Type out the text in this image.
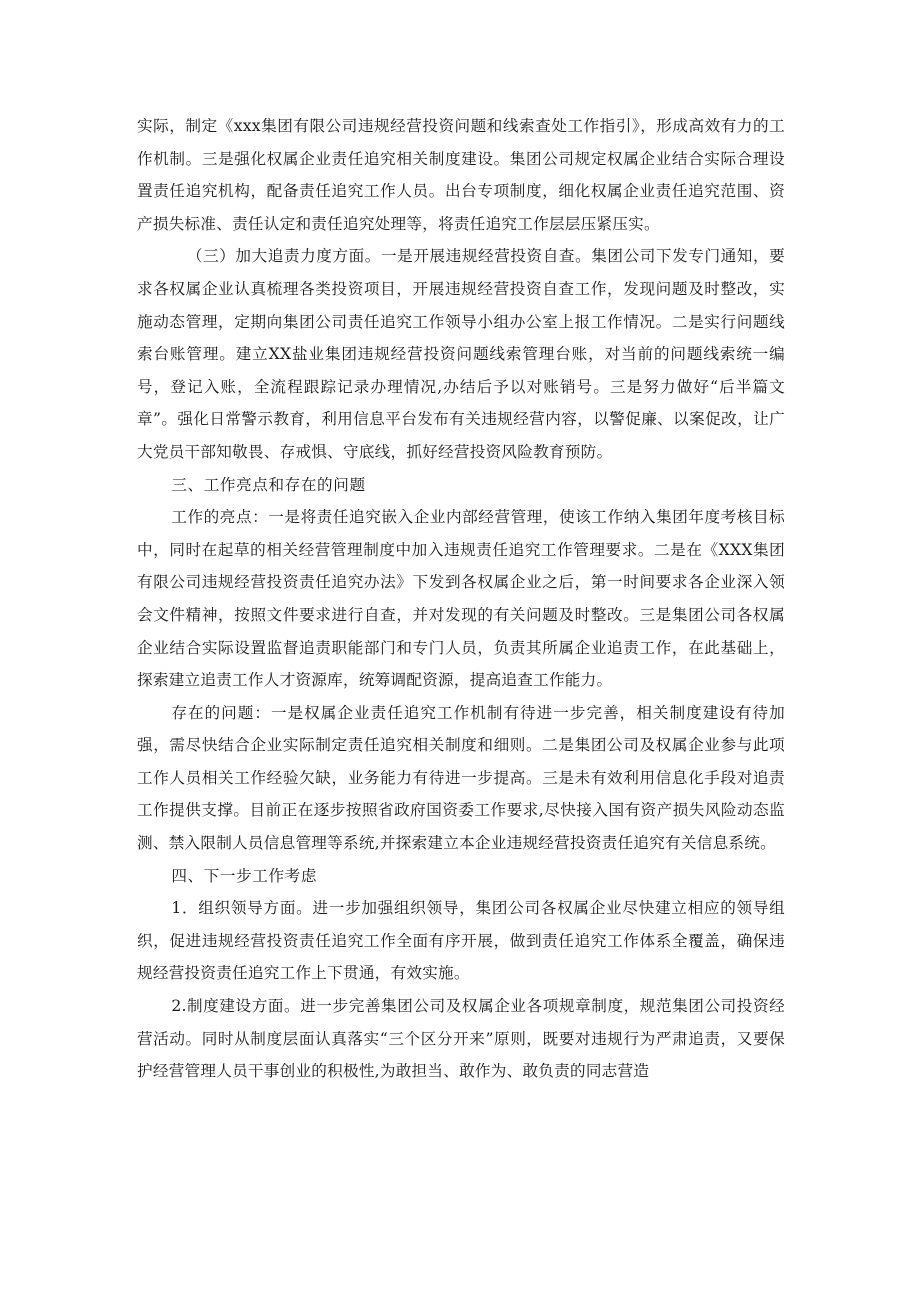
实际，制定《xxx集团有限公司违规经营投资问题和线索查处工作指引》，形成高效有力的工作机制。三是强化权属企业责任追究相关制度建设。集团公司规定权属企业结合实际合理设置责任追究机构，配备责任追究工作人员。出台专项制度，细化权属企业责任追究范围、资产损失标准、责任认定和责任追究处理等，将责任追究工作层层压紧压实。

（三）加大追责力度方面。一是开展违规经营投资自查。集团公司下发专门通知，要求各权属企业认真梳理各类投资项目，开展违规经营投资自查工作，发现问题及时整改，实施动态管理，定期向集团公司责任追究工作领导小组办公室上报工作情况。二是实行问题线索台账管理。建立XX盐业集团违规经营投资问题线索管理台账，对当前的问题线索统一编号，登记入账，全流程跟踪记录办理情况,办结后予以对账销号。三是努力做好“后半篇文章”。强化日常警示教育，利用信息平台发布有关违规经营内容，以警促廉、以案促改，让广大党员干部知敬畏、存戒惧、守底线，抓好经营投资风险教育预防。

三、工作亮点和存在的问题

工作的亮点：一是将责任追究嵌入企业内部经营管理，使该工作纳入集团年度考核目标中，同时在起草的相关经营管理制度中加入违规责任追究工作管理要求。二是在《XXX集团有限公司违规经营投资责任追究办法》下发到各权属企业之后，第一时间要求各企业深入领会文件精神，按照文件要求进行自查，并对发现的有关问题及时整改。三是集团公司各权属企业结合实际设置监督追责职能部门和专门人员，负责其所属企业追责工作，在此基础上，探索建立追责工作人才资源库，统筹调配资源，提高追查工作能力。

存在的问题：一是权属企业责任追究工作机制有待进一步完善，相关制度建设有待加强，需尽快结合企业实际制定责任追究相关制度和细则。二是集团公司及权属企业参与此项工作人员相关工作经验欠缺，业务能力有待进一步提高。三是未有效利用信息化手段对追责工作提供支撑。目前正在逐步按照省政府国资委工作要求,尽快接入国有资产损失风险动态监测、禁入限制人员信息管理等系统,并探索建立本企业违规经营投资责任追究有关信息系统。

四、下一步工作考虑

1．组织领导方面。进一步加强组织领导，集团公司各权属企业尽快建立相应的领导组织，促进违规经营投资责任追究工作全面有序开展，做到责任追究工作体系全覆盖，确保违规经营投资责任追究工作上下贯通，有效实施。

2.制度建设方面。进一步完善集团公司及权属企业各项规章制度，规范集团公司投资经营活动。同时从制度层面认真落实“三个区分开来”原则，既要对违规行为严肃追责，又要保护经营管理人员干事创业的积极性,为敢担当、敢作为、敢负责的同志营造
